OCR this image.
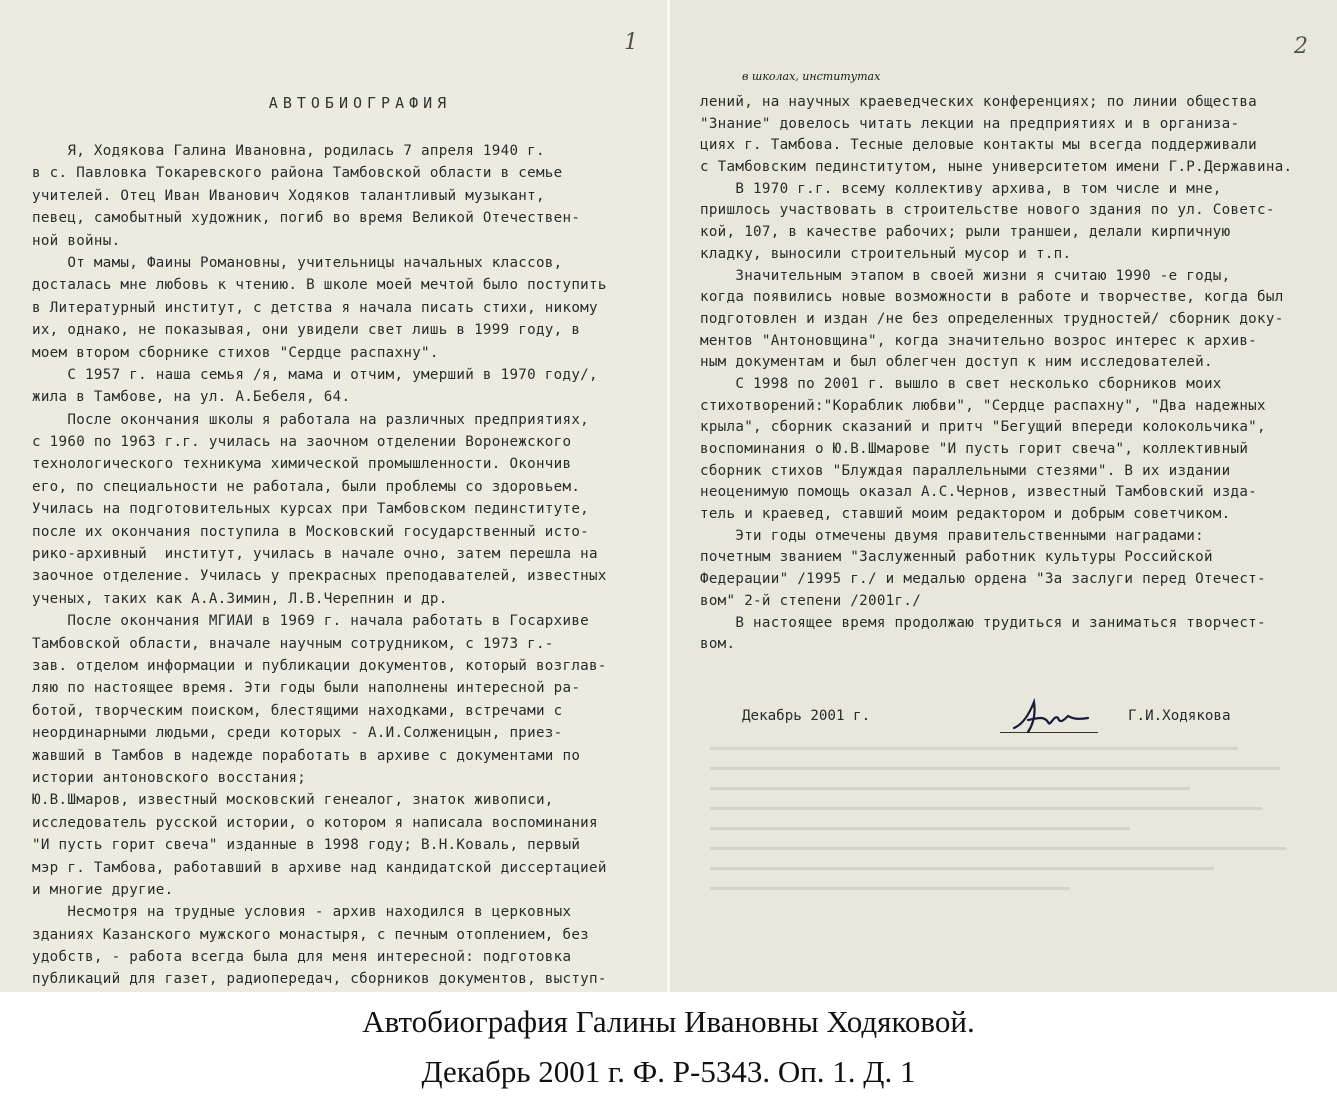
1
АВТОБИОГРАФИЯ
Я, Ходякова Галина Ивановна, родилась 7 апреля 1940 г.
в с. Павловка Токаревского района Тамбовской области в семье
учителей. Отец Иван Иванович Ходяков талантливый музыкант,
певец, самобытный художник, погиб во время Великой Отечествен-
ной войны.
От мамы, Фаины Романовны, учительницы начальных классов,
досталась мне любовь к чтению. В школе моей мечтой было поступить
в Литературный институт, с детства я начала писать стихи, никому
их, однако, не показывая, они увидели свет лишь в 1999 году, в
моем втором сборнике стихов "Сердце распахну".
С 1957 г. наша семья /я, мама и отчим, умерший в 1970 году/,
жила в Тамбове, на ул. А.Бебеля, 64.
После окончания школы я работала на различных предприятиях,
с 1960 по 1963 г.г. училась на заочном отделении Воронежского
технологического техникума химической промышленности. Окончив
его, по специальности не работала, были проблемы со здоровьем.
Училась на подготовительных курсах при Тамбовском пединституте,
после их окончания поступила в Московский государственный исто-
рико-архивный  институт, училась в начале очно, затем перешла на
заочное отделение. Училась у прекрасных преподавателей, известных
ученых, таких как А.А.Зимин, Л.В.Черепнин и др.
После окончания МГИАИ в 1969 г. начала работать в Госархиве
Тамбовской области, вначале научным сотрудником, с 1973 г.-
зав. отделом информации и публикации документов, который возглав-
ляю по настоящее время. Эти годы были наполнены интересной ра-
ботой, творческим поиском, блестящими находками, встречами с
неординарными людьми, среди которых - А.И.Солженицын, приез-
жавший в Тамбов в надежде поработать в архиве с документами по
истории антоновского восстания;
Ю.В.Шмаров, известный московский генеалог, знаток живописи,
исследователь русской истории, о котором я написала воспоминания
"И пусть горит свеча" изданные в 1998 году; В.Н.Коваль, первый
мэр г. Тамбова, работавший в архиве над кандидатской диссертацией
и многие другие.
Несмотря на трудные условия - архив находился в церковных
зданиях Казанского мужского монастыря, с печным отоплением, без
удобств, - работа всегда была для меня интересной: подготовка
публикаций для газет, радиопередач, сборников документов, выступ-
2
в школах, институтах
лений, на научных краеведческих конференциях; по линии общества
"Знание" довелось читать лекции на предприятиях и в организа-
циях г. Тамбова. Тесные деловые контакты мы всегда поддерживали
с Тамбовским пединститутом, ныне университетом имени Г.Р.Державина.
В 1970 г.г. всему коллективу архива, в том числе и мне,
пришлось участвовать в строительстве нового здания по ул. Советс-
кой, 107, в качестве рабочих; рыли траншеи, делали кирпичную
кладку, выносили строительный мусор и т.п.
Значительным этапом в своей жизни я считаю 1990 -е годы,
когда появились новые возможности в работе и творчестве, когда был
подготовлен и издан /не без определенных трудностей/ сборник доку-
ментов "Антоновщина", когда значительно возрос интерес к архив-
ным документам и был облегчен доступ к ним исследователей.
С 1998 по 2001 г. вышло в свет несколько сборников моих
стихотворений:"Кораблик любви", "Сердце распахну", "Два надежных
крыла", сборник сказаний и притч "Бегущий впереди колокольчика",
воспоминания о Ю.В.Шмарове "И пусть горит свеча", коллективный
сборник стихов "Блуждая параллельными стезями". В их издании
неоценимую помощь оказал А.С.Чернов, известный Тамбовский изда-
тель и краевед, ставший моим редактором и добрым советчиком.
Эти годы отмечены двумя правительственными наградами:
почетным званием "Заслуженный работник культуры Российской
Федерации" /1995 г./ и медалью ордена "За заслуги перед Отечест-
вом" 2-й степени /2001г./
В настоящее время продолжаю трудиться и заниматься творчест-
вом.
Декабрь 2001 г.	Г.И.Ходякова
Автобиография Галины Ивановны Ходяковой.
Декабрь 2001 г. Ф. Р-5343. Оп. 1. Д. 1
